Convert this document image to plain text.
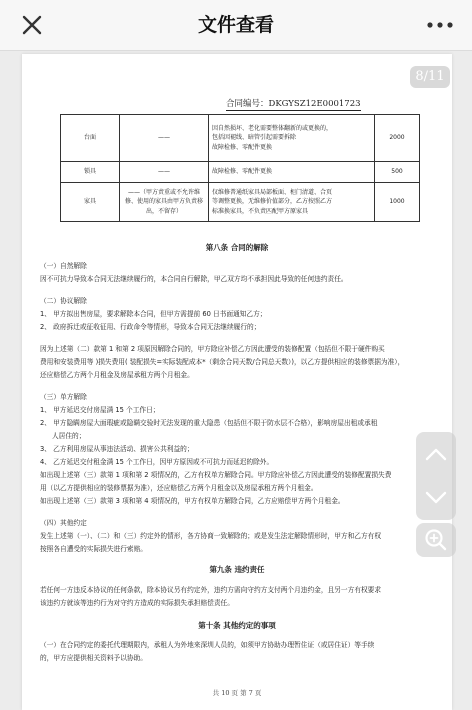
文件查看
8/11
合同编号：DKGYSZ12E0001723
台面	——	因自然损坏、老化需要整体翻新的或更换的，
包括因褪线、暗管引起需要拆除
故障检修、零配件更换	2000
锁具	——	故障检修、零配件更换	500
家具	——（甲方责重或不允许维修、使用的家具由甲方负责移出，不留存）	仅维修普通纸家具局部板面、柜门清道、合页
等调整更换，无维修价值部分，乙方按照乙方
标准换家具，不负责匹配甲方原家具	1000
第八条 合同的解除
（一）自然解除
因不可抗力导致本合同无法继续履行的，本合同自行解除，甲乙双方均不承担因此导致的任何违约责任。
（二）协议解除
1、 甲方拟出售房屋，要求解除本合同，但甲方需提前 60 日书面通知乙方；
2、 政府拆迁或征收征用、行政命令等情形，导致本合同无法继续履行的；
因为上述第（二）款第 1 和第 2 项原因解除合同的，甲方除应补偿乙方因此遭受的装修配置（包括但不限于硬件购买
费用和安装费用等 )损失费用( 装配损失=实际装配成本*（剩余合同天数/合同总天数）)，以乙方提供相应的装修票据为准），
还应赔偿乙方两个月租金及房屋承租方两个月租金。
（三）单方解除
1、 甲方延迟交付房屋满 15 个工作日；
2、 甲方隐瞒房屋大面瑕疵或隐瞒交验时无法发现的重大隐患（包括但不限于防水层不合格），影响房屋出租或承租
人居住的；
3、 乙方利用房屋从事违法活动、损害公共利益的；
4、 乙方延迟交付租金满 15 个工作日，因甲方原因或不可抗力而延迟的除外。
如出现上述第（三）款第 1 项和第 2 项情况的，乙方有权单方解除合同。甲方除应补偿乙方因此遭受的装修配置损失费
用（以乙方提供相应的装修票据为准），还应赔偿乙方两个月租金以及房屋承租方两个月租金。
如出现上述第（三）款第 3 项和第 4 项情况的，甲方有权单方解除合同，乙方应赔偿甲方两个月租金。
（四）其他约定
发生上述第（一）、（二）和（三）约定外的情形，各方协商一致解除的；或是发生法定解除情形时，甲方和乙方有权
按照各自遭受的实际损失进行索赔。
第九条 违约责任
若任何一方违反本协议的任何条款，除本协议另有约定外，违约方需向守约方支付两个月违约金，且另一方有权要求
该违约方就该等违约行为对守约方造成的实际损失承担赔偿责任。
第十条 其他约定的事项
（一）在合同约定的委托代理期限内，承租人为外地来深圳人员的，如须甲方协助办理暂住证（或居住证）等手续
的，甲方应提供相关资料予以协助。
共 10 页 第 7 页
